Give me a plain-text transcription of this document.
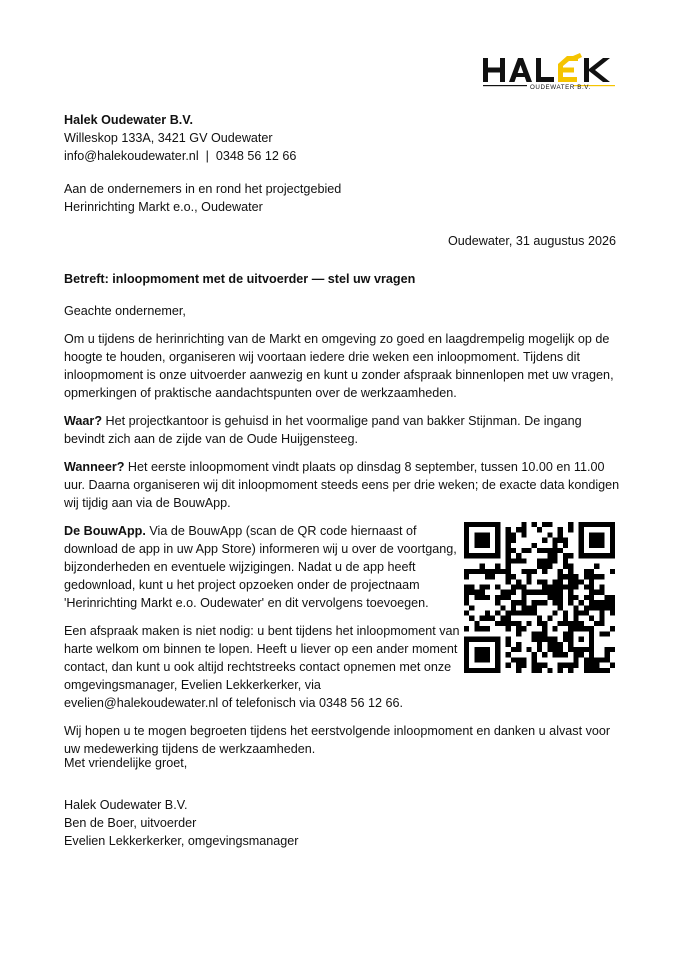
OUDEWATER B.V.
Halek Oudewater B.V.
Willeskop 133A, 3421 GV Oudewater
info@halekoudewater.nl  |  0348 56 12 66
Aan de ondernemers in en rond het projectgebied
Herinrichting Markt e.o., Oudewater
Oudewater, 31 augustus 2026
Betreft: inloopmoment met de uitvoerder — stel uw vragen

Geachte ondernemer,

Om u tijdens de herinrichting van de Markt en omgeving zo goed en laagdrempelig mogelijk op de hoogte te houden, organiseren wij voortaan iedere drie weken een inloopmoment. Tijdens dit inloopmoment is onze uitvoerder aanwezig en kunt u zonder afspraak binnenlopen met uw vragen, opmerkingen of praktische aandachtspunten over de werkzaamheden.

Waar? Het projectkantoor is gehuisd in het voormalige pand van bakker Stijnman. De ingang bevindt zich aan de zijde van de Oude Huijgensteeg.

Wanneer? Het eerste inloopmoment vindt plaats op dinsdag 8 september, tussen 10.00 en 11.00 uur. Daarna organiseren wij dit inloopmoment steeds eens per drie weken; de exacte data kondigen wij tijdig aan via de BouwApp.

De BouwApp. Via de BouwApp (scan de QR code hiernaast of download de app in uw App Store) informeren wij u over de voortgang, bijzonderheden en eventuele wijzigingen. Nadat u de app heeft gedownload, kunt u het project opzoeken onder de projectnaam 'Herinrichting Markt e.o. Oudewater' en dit vervolgens toevoegen.

Een afspraak maken is niet nodig: u bent tijdens het inloopmoment van harte welkom om binnen te lopen. Heeft u liever op een ander moment contact, dan kunt u ook altijd rechtstreeks contact opnemen met onze omgevingsmanager, Evelien Lekkerkerker, via evelien@halekoudewater.nl of telefonisch via 0348 56 12 66.

Wij hopen u te mogen begroeten tijdens het eerstvolgende inloopmoment en danken u alvast voor uw medewerking tijdens de werkzaamheden.

Met vriendelijke groet,
Halek Oudewater B.V.
Ben de Boer, uitvoerder
Evelien Lekkerkerker, omgevingsmanager
